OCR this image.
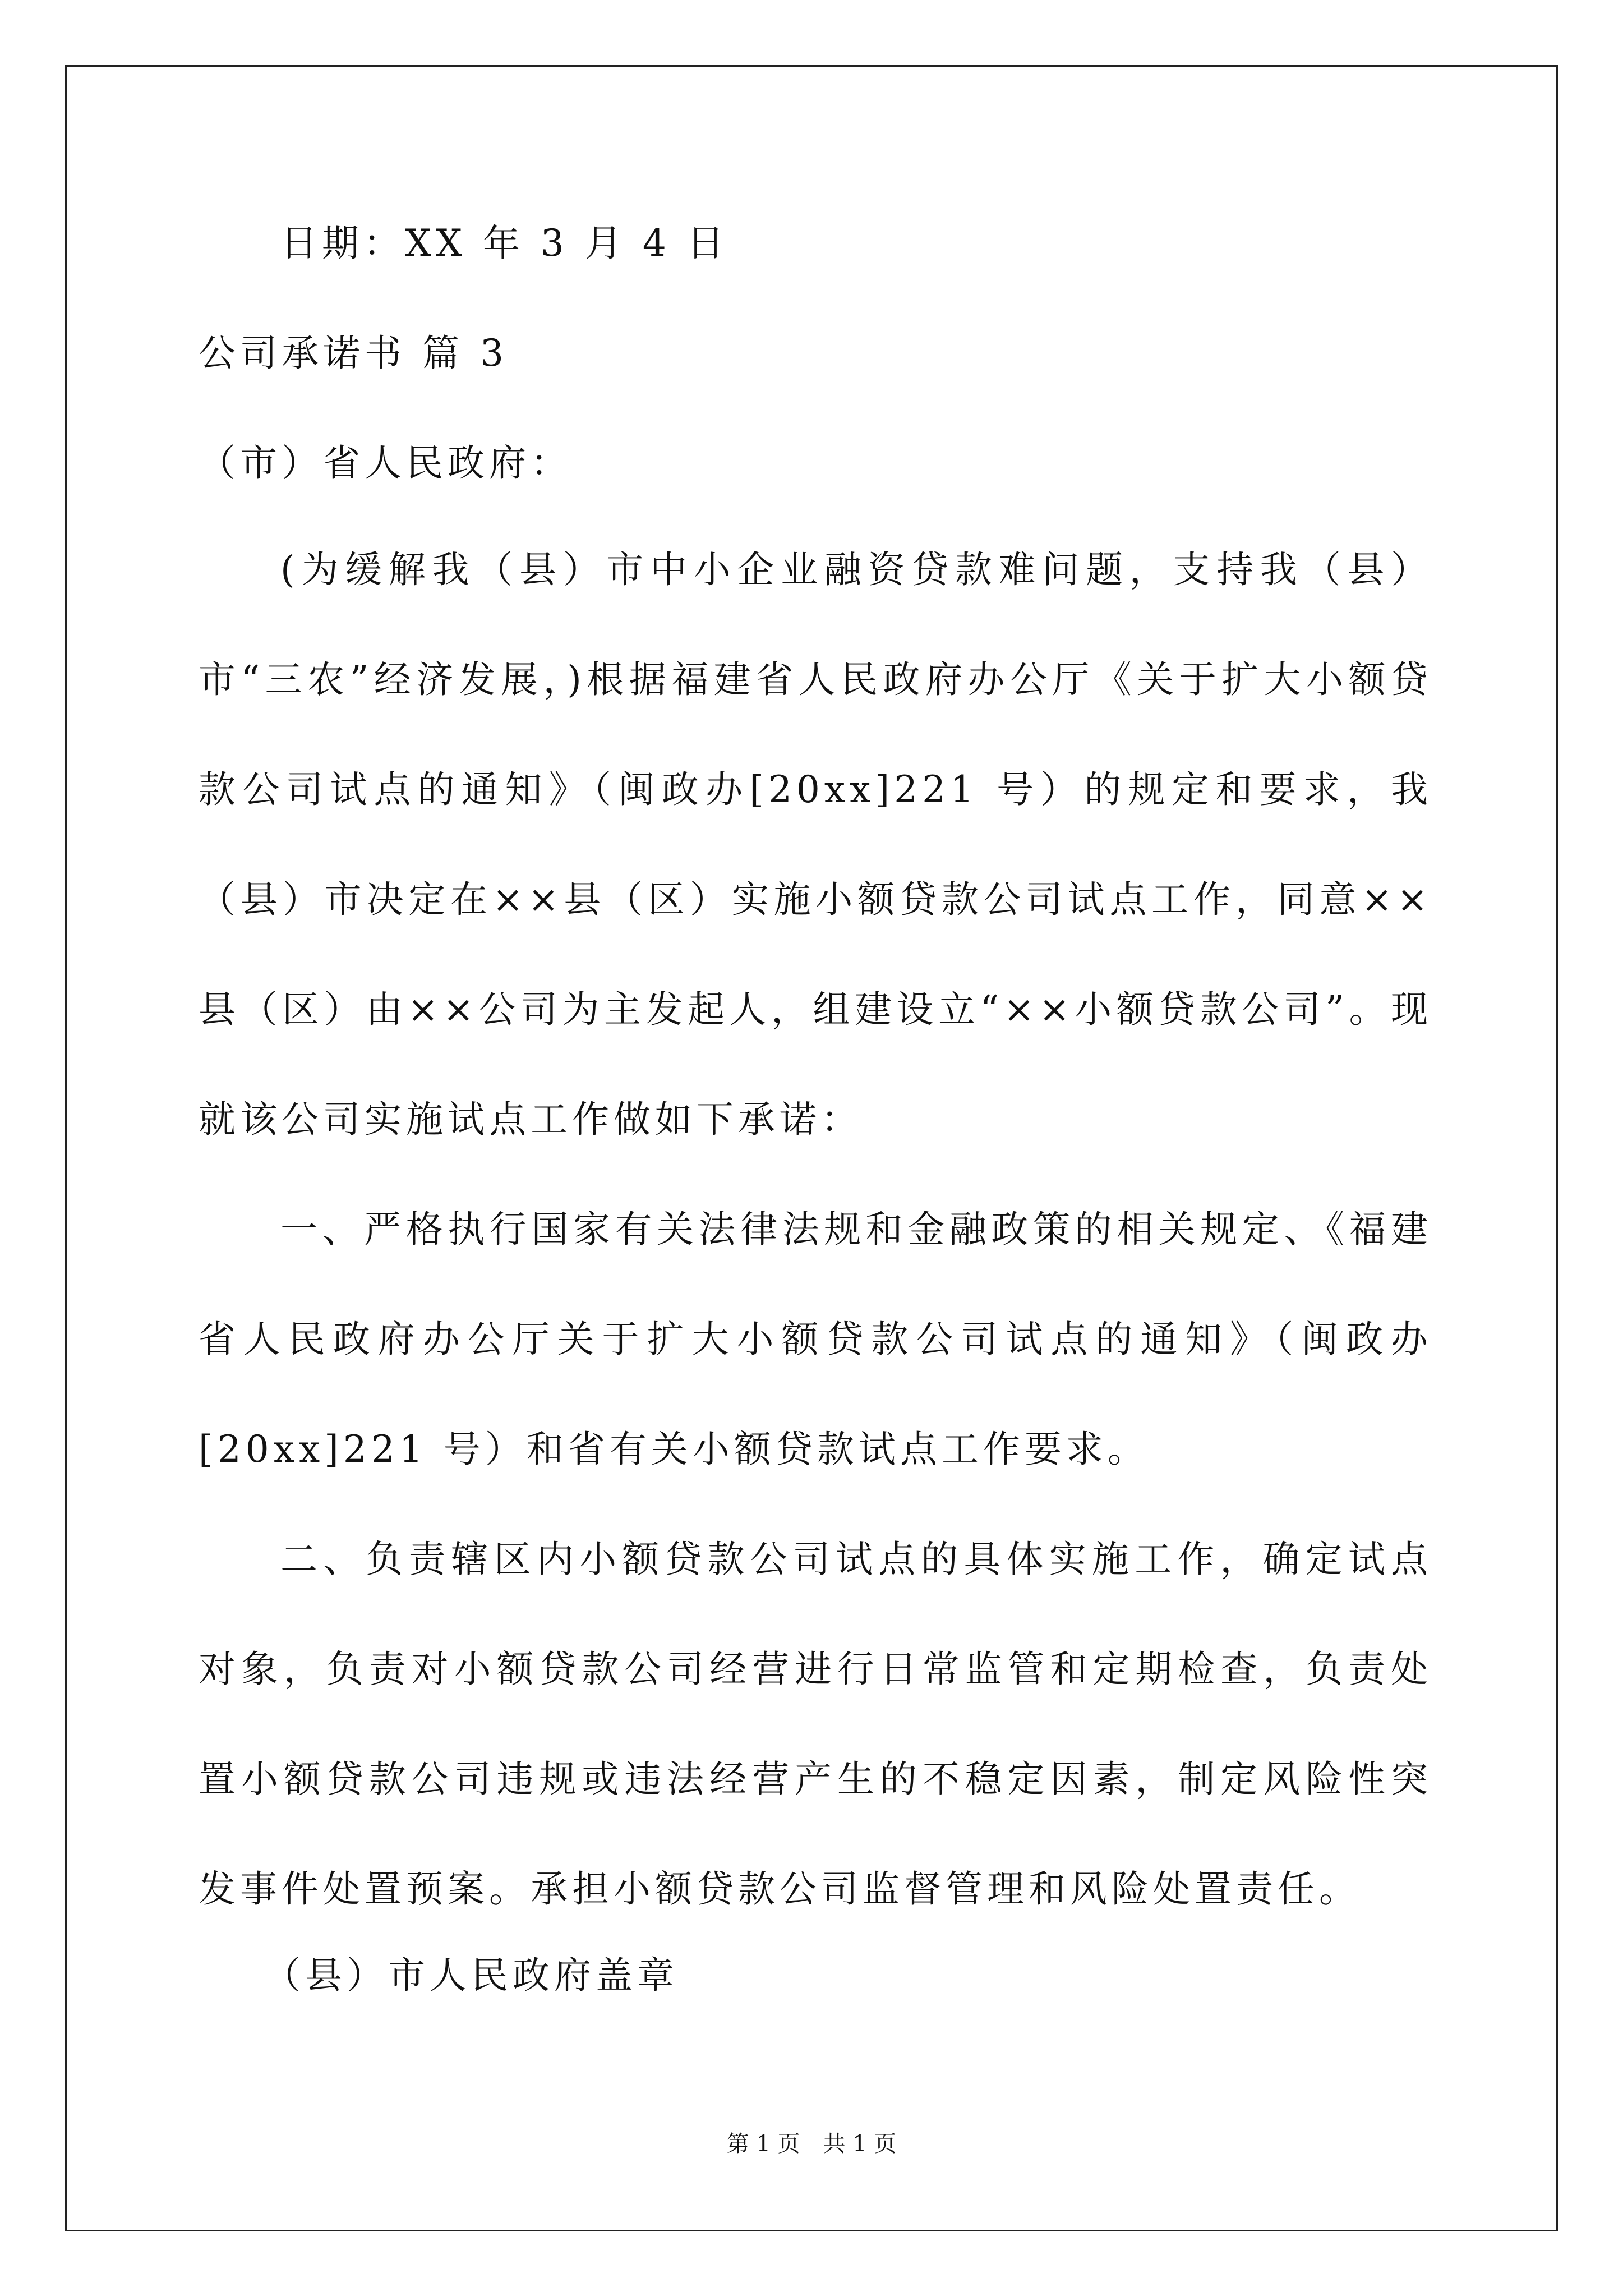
日期：XX 年 3 月 4 日

公司承诺书 篇 3

（市）省人民政府：

(为缓解我（县）市中小企业融资贷款难问题，支持我（县）市“三农”经济发展，)根据福建省人民政府办公厅《关于扩大小额贷款公司试点的通知》（闽政办[20xx]221 号）的规定和要求，我（县）市决定在××县（区）实施小额贷款公司试点工作，同意××县（区）由××公司为主发起人，组建设立“××小额贷款公司”。现就该公司实施试点工作做如下承诺：

一、严格执行国家有关法律法规和金融政策的相关规定、《福建省人民政府办公厅关于扩大小额贷款公司试点的通知》（闽政办[20xx]221 号）和省有关小额贷款试点工作要求。

二、负责辖区内小额贷款公司试点的具体实施工作，确定试点对象，负责对小额贷款公司经营进行日常监管和定期检查，负责处置小额贷款公司违规或违法经营产生的不稳定因素，制定风险性突发事件处置预案。承担小额贷款公司监督管理和风险处置责任。

（县）市人民政府盖章

第 1 页 共 1 页
